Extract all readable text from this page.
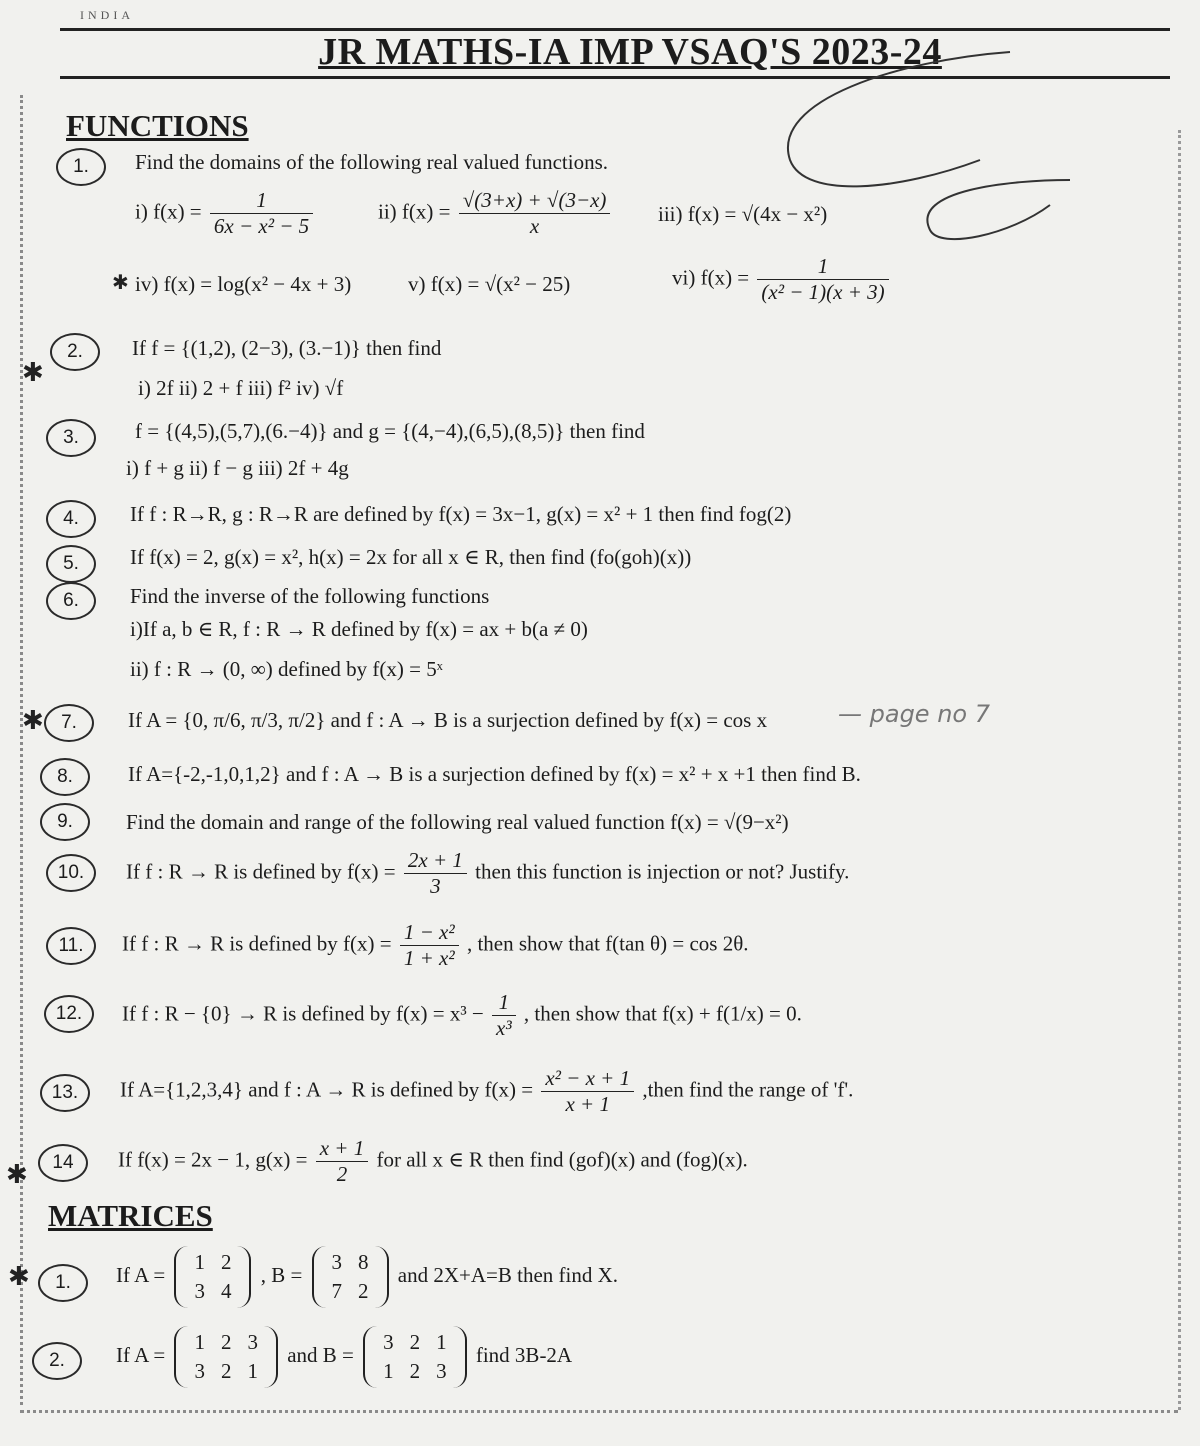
INDIA
JR MATHS-IA IMP VSAQ'S 2023-24
FUNCTIONS
1.	Find the domains of the following real valued functions.
i) $f(x) = \frac{1}{\text{6x − x² − 5}}$	ii) $f(x) = \frac{√(3+x) + √(3-x)}{x} iii$) f(x) = √(4x − x²)
✱ iv) f(x) = log(x² − 4x + 3)	v) f(x) = √(x² − 25)	vi) $f(x) = \frac{1}{\text{(x² − 1)(x + 3)}}$
✱
2.	If f = {(1,2), (2−3), (3.−1)} then find
i) 2f ii) 2 + f iii) f² iv) √f
3.	f = {(4,5),(5,7),(6.−4)} and g = {(4,−4),(6,5),(8,5)} then find
i) f + g ii) f − g iii) 2f + 4g
4.	If f : R→R, g : R→R are defined by f(x) = 3x−1, g(x) = x² + 1 then find fog(2)
5.	If f(x) = 2, g(x) = x², h(x) = 2x for all x ∈ R, then find (fo(goh)(x))
6.	Find the inverse of the following functions
i)If a, b ∈ R, f : R → R defined by f(x) = ax + b(a ≠ 0)
ii) f : R → (0, ∞) defined by f(x) = 5ˣ
✱ 7.	If A = {0, π/6, π/3, π/2} and f : A → B is a surjection defined by f(x) = cos x	— page no 7
8.	If A={-2,-1,0,1,2} and f : A → B is a surjection defined by f(x) = x² + x +1 then find B.
9.	Find the domain and range of the following real valued function f(x) = √(9−x²)
10.	If f : R → R is defined by $f(x) = \frac{2x + 1}{3}$ then this function is injection or not? Justify.
11.	If f : R → R is defined by $f(x) = \frac{\text{1 − x²}}{\text{1 + x²}}$ , then show that f(tan θ) = cos 2θ.
12.	If f : R − {0} → R is defined by $f(x) = x^3 - \frac{1}{\text{x³}}$ , then show that f(x) + f(1/x) = 0.
13.	If A={1,2,3,4} and f : A → R is defined by $f(x) = \frac{\text{x² − x + 1}}{x + 1}$ ,then find the range of 'f'.
✱	14	If f(x) = 2x − 1, $g(x) = \frac{x + 1}{2}$ for all x ∈ R then find (gof)(x) and (fog)(x).
MATRICES
✱	1.	If A =
1	2
3	4
, B =
3	8
7	2
and 2X+A=B then find X.
2.	If A =
1	2	3
3	2	1
and B =
3	2	1
1	2	3
find 3B-2A
